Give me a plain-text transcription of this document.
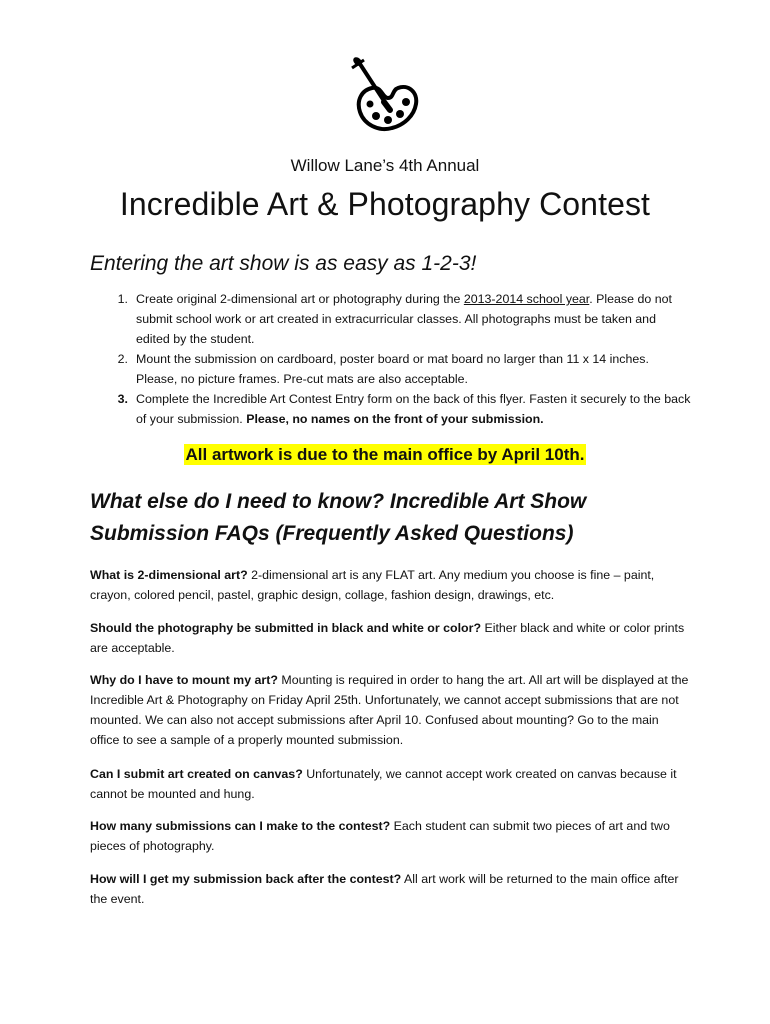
Willow Lane’s 4th Annual
Incredible Art & Photography Contest
Entering the art show is as easy as 1-2-3!
1. Create original 2-dimensional art or photography during the 2013-2014 school year. Please do not submit school work or art created in extracurricular classes. All photographs must be taken and edited by the student.
2. Mount the submission on cardboard, poster board or mat board no larger than 11 x 14 inches. Please, no picture frames. Pre-cut mats are also acceptable.
3. Complete the Incredible Art Contest Entry form on the back of this flyer. Fasten it securely to the back of your submission. Please, no names on the front of your submission.
All artwork is due to the main office by April 10th.
What else do I need to know? Incredible Art Show Submission FAQs (Frequently Asked Questions)

What is 2-dimensional art? 2-dimensional art is any FLAT art. Any medium you choose is fine – paint, crayon, colored pencil, pastel, graphic design, collage, fashion design, drawings, etc.

Should the photography be submitted in black and white or color? Either black and white or color prints are acceptable.

Why do I have to mount my art? Mounting is required in order to hang the art. All art will be displayed at the Incredible Art & Photography on Friday April 25th. Unfortunately, we cannot accept submissions that are not mounted. We can also not accept submissions after April 10. Confused about mounting? Go to the main office to see a sample of a properly mounted submission.

Can I submit art created on canvas? Unfortunately, we cannot accept work created on canvas because it cannot be mounted and hung.

How many submissions can I make to the contest? Each student can submit two pieces of art and two pieces of photography.

How will I get my submission back after the contest? All art work will be returned to the main office after the event.
